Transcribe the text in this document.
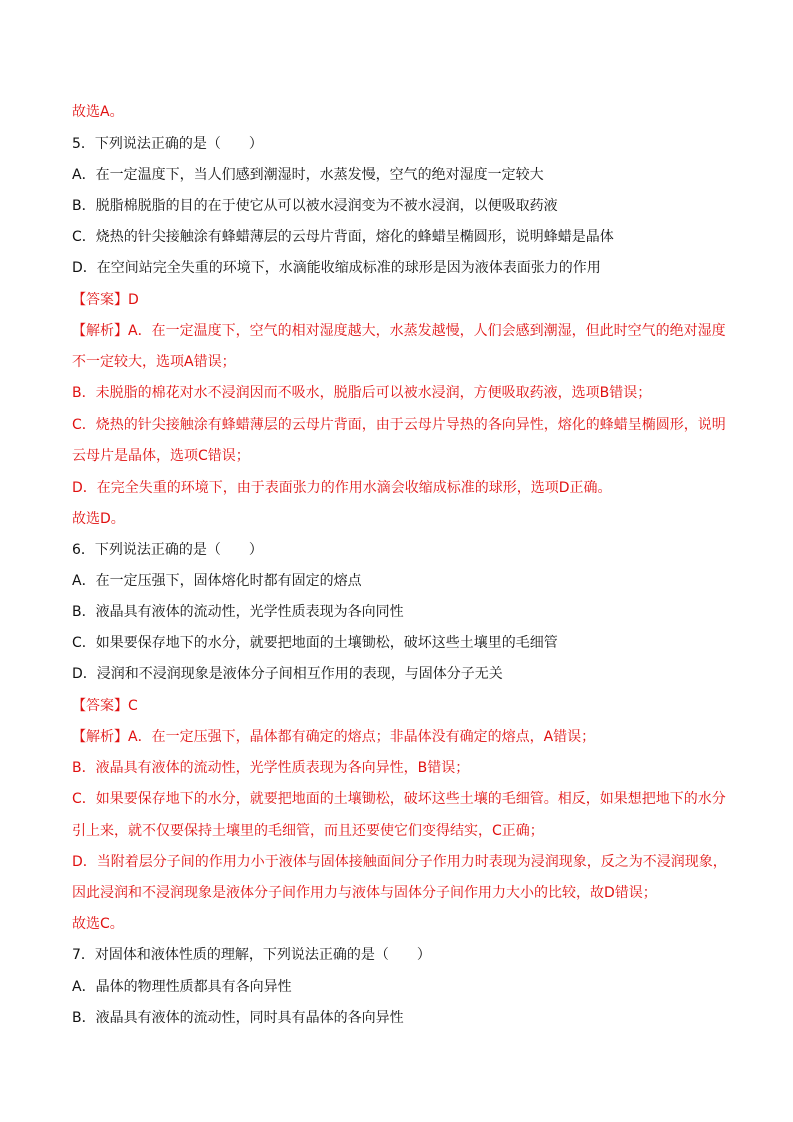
故选A。
5．下列说法正确的是（　　）
A．在一定温度下，当人们感到潮湿时，水蒸发慢，空气的绝对湿度一定较大
B．脱脂棉脱脂的目的在于使它从可以被水浸润变为不被水浸润，以便吸取药液
C．烧热的针尖接触涂有蜂蜡薄层的云母片背面，熔化的蜂蜡呈椭圆形，说明蜂蜡是晶体
D．在空间站完全失重的环境下，水滴能收缩成标准的球形是因为液体表面张力的作用
【答案】D
【解析】A．在一定温度下，空气的相对湿度越大，水蒸发越慢，人们会感到潮湿，但此时空气的绝对湿度
不一定较大，选项A错误；
B．未脱脂的棉花对水不浸润因而不吸水，脱脂后可以被水浸润，方便吸取药液，选项B错误；
C．烧热的针尖接触涂有蜂蜡薄层的云母片背面，由于云母片导热的各向异性，熔化的蜂蜡呈椭圆形，说明
云母片是晶体，选项C错误；
D．在完全失重的环境下，由于表面张力的作用水滴会收缩成标准的球形，选项D正确。
故选D。
6．下列说法正确的是（　　）
A．在一定压强下，固体熔化时都有固定的熔点
B．液晶具有液体的流动性，光学性质表现为各向同性
C．如果要保存地下的水分，就要把地面的土壤锄松，破坏这些土壤里的毛细管
D．浸润和不浸润现象是液体分子间相互作用的表现，与固体分子无关
【答案】C
【解析】A．在一定压强下，晶体都有确定的熔点；非晶体没有确定的熔点，A错误；
B．液晶具有液体的流动性，光学性质表现为各向异性，B错误；
C．如果要保存地下的水分，就要把地面的土壤锄松，破坏这些土壤的毛细管。相反，如果想把地下的水分
引上来，就不仅要保持土壤里的毛细管，而且还要使它们变得结实，C正确；
D．当附着层分子间的作用力小于液体与固体接触面间分子作用力时表现为浸润现象，反之为不浸润现象，
因此浸润和不浸润现象是液体分子间作用力与液体与固体分子间作用力大小的比较，故D错误；
故选C。
7．对固体和液体性质的理解，下列说法正确的是（　　）
A．晶体的物理性质都具有各向异性
B．液晶具有液体的流动性，同时具有晶体的各向异性
